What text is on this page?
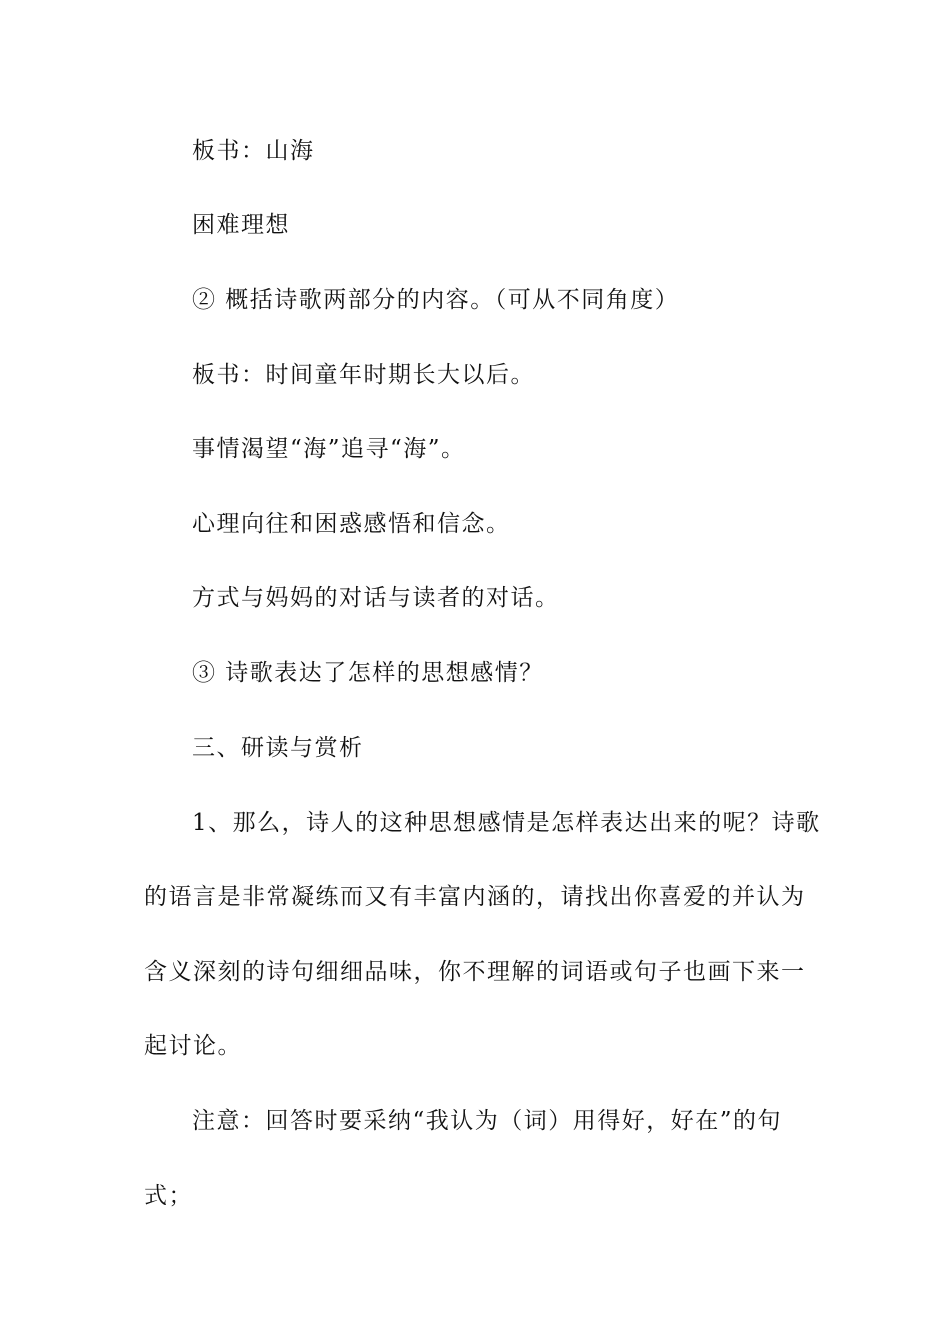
板书：山海
困难理想
② 概括诗歌两部分的内容。（可从不同角度）
板书：时间童年时期长大以后。
事情渴望“海”追寻“海”。
心理向往和困惑感悟和信念。
方式与妈妈的对话与读者的对话。
③ 诗歌表达了怎样的思想感情？
三、研读与赏析
1、那么，诗人的这种思想感情是怎样表达出来的呢？诗歌
的语言是非常凝练而又有丰富内涵的，请找出你喜爱的并认为
含义深刻的诗句细细品味，你不理解的词语或句子也画下来一
起讨论。
注意：回答时要采纳“我认为（词）用得好，好在”的句
式；
